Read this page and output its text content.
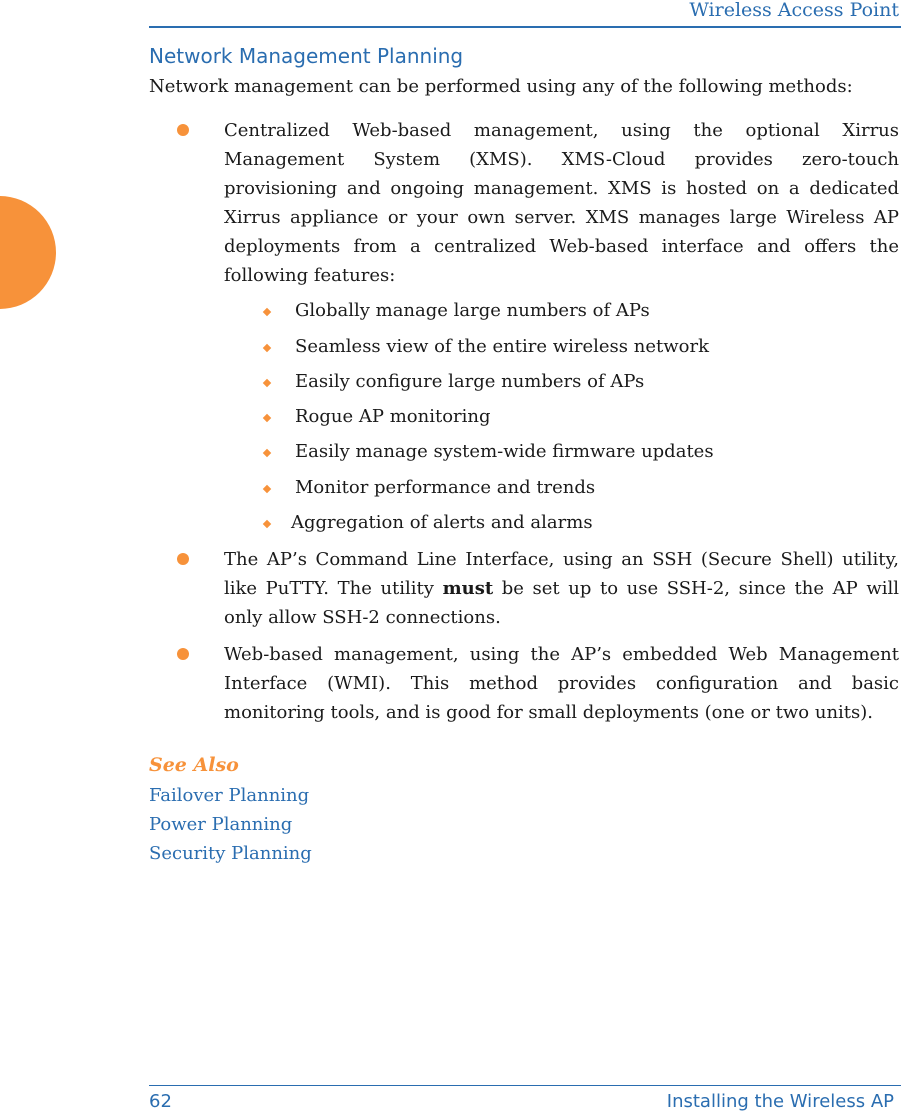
Wireless Access Point
Network Management Planning
Network management can be performed using any of the following methods:
Centralized Web-based management, using the optional Xirrus Management System (XMS). XMS-Cloud provides zero-touch provisioning and ongoing management. XMS is hosted on a dedicated Xirrus appliance or your own server. XMS manages large Wireless AP deployments from a centralized Web-based interface and offers the following features:
The AP’s Command Line Interface, using an SSH (Secure Shell) utility, like PuTTY. The utility must be set up to use SSH-2, since the AP will only allow SSH-2 connections.
Web-based management, using the AP’s embedded Web Management Interface (WMI). This method provides configuration and basic monitoring tools, and is good for small deployments (one or two units).
Globally manage large numbers of APs
Seamless view of the entire wireless network
Easily configure large numbers of APs
Rogue AP monitoring
Easily manage system-wide firmware updates
Monitor performance and trends
Aggregation of alerts and alarms
See Also
Failover Planning
Power Planning
Security Planning
62	Installing the Wireless AP
